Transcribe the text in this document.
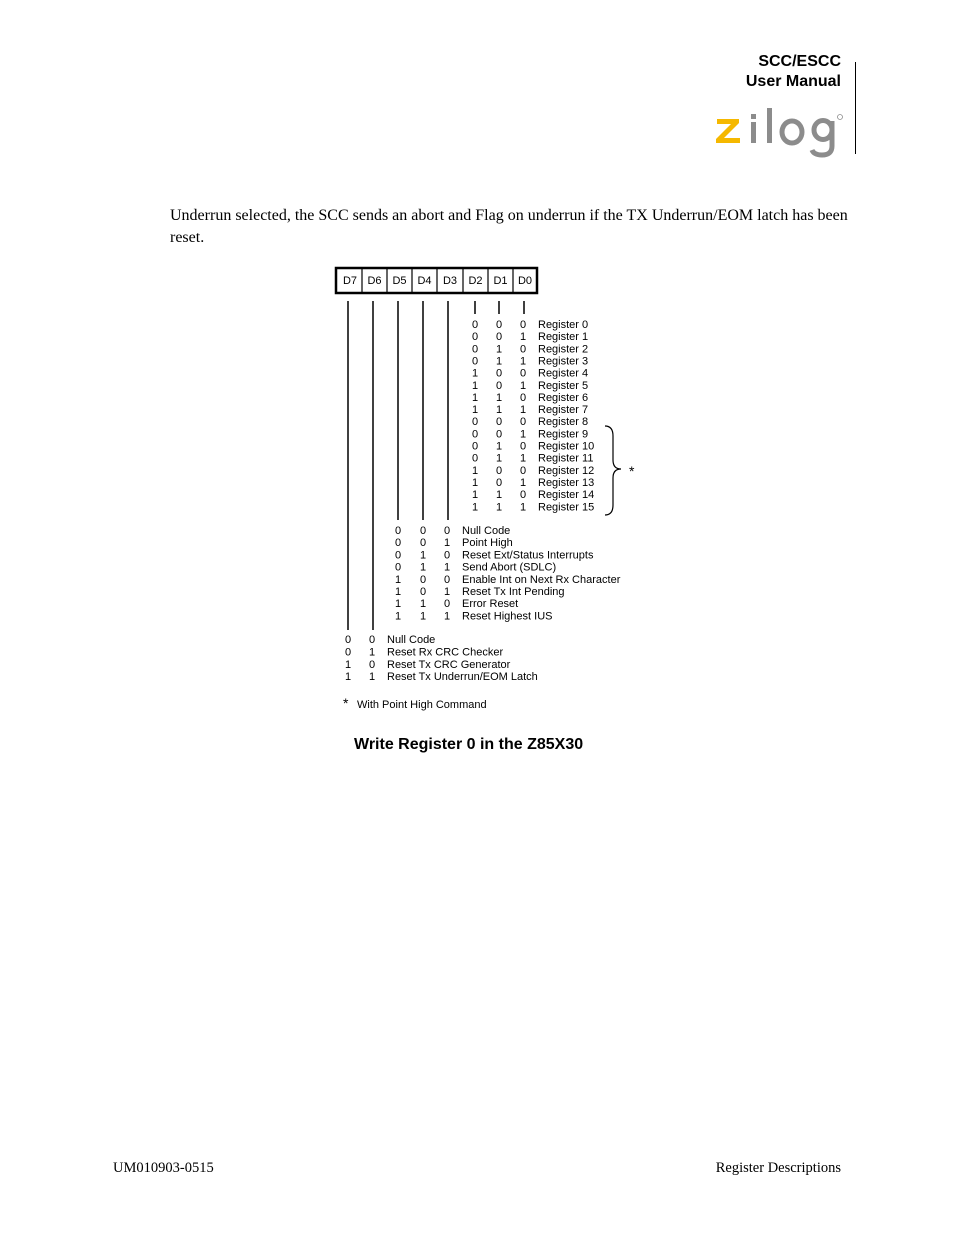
SCC/ESCC
User Manual
Underrun selected, the SCC sends an abort and Flag on underrun if the TX Underrun/EOM latch has been reset.
D7 D6 D5 D4 D3 D2 D1 D0
0 0 0 Register 0
0 0 1 Register 1
0 1 0 Register 2
0 1 1 Register 3
1 0 0 Register 4
1 0 1 Register 5
1 1 0 Register 6
1 1 1 Register 7
0 0 0 Register 8
0 0 1 Register 9
0 1 0 Register 10
0 1 1 Register 11
1 0 0 Register 12
1 0 1 Register 13
1 1 0 Register 14
1 1 1 Register 15
0 0 0 Null Code
0 0 1 Point High
0 1 0 Reset Ext/Status Interrupts
0 1 1 Send Abort (SDLC)
1 0 0 Enable Int on Next Rx Character
1 0 1 Reset Tx Int Pending
1 1 0 Error Reset
1 1 1 Reset Highest IUS
0 0 Null Code
0 1 Reset Rx CRC Checker
1 0 Reset Tx CRC Generator
1 1 Reset Tx Underrun/EOM Latch
*
* With Point High Command
Write Register 0 in the Z85X30
UM010903-0515	Register Descriptions
